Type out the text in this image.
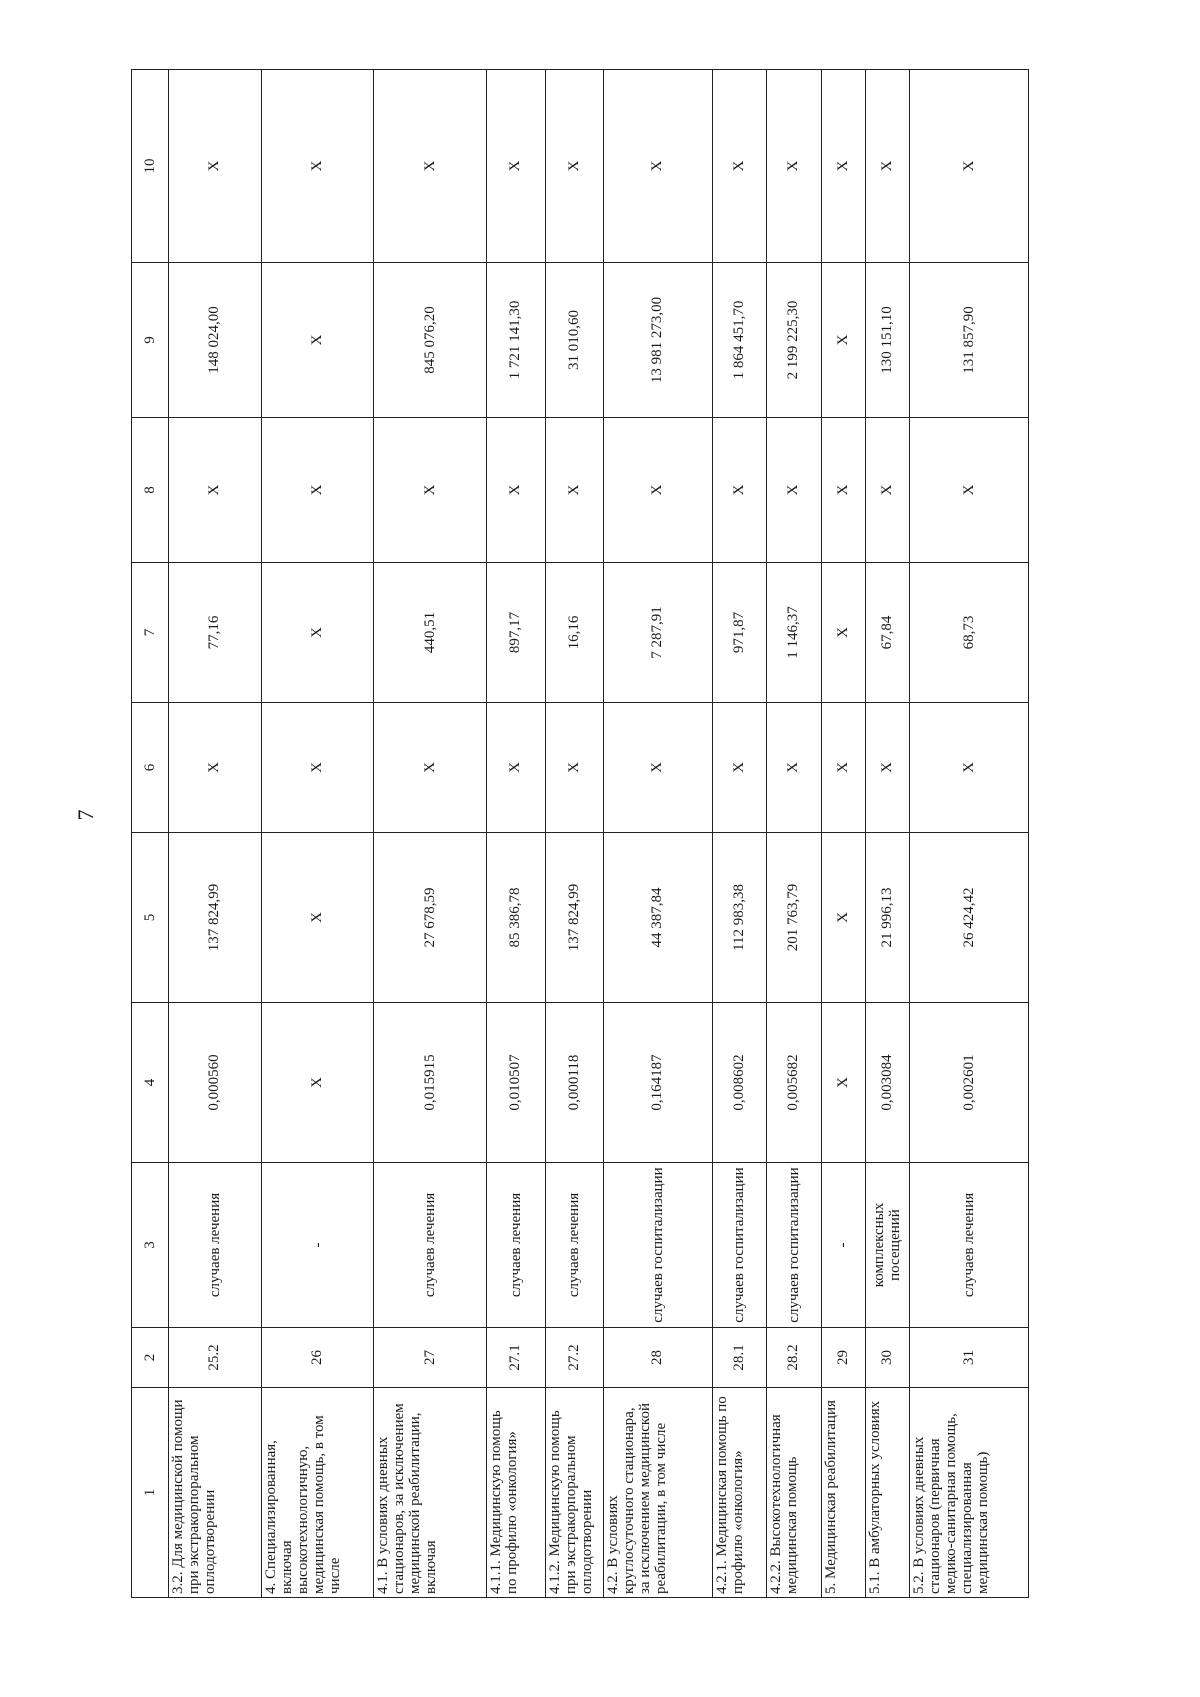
7
1	2	3	4	5	6	7	8	9	10
3.2. Для медицинской помощи при экстракорпоральном оплодотворении	25.2	случаев лечения	0,000560	137 824,99	Х	77,16	Х	148 024,00	Х
4. Специализированная, включая высокотехнологичную, медицинская помощь, в том числе	26	-	Х	Х	Х	Х	Х	Х	Х
4.1. В условиях дневных стационаров, за исключением медицинской реабилитации, включая	27	случаев лечения	0,015915	27 678,59	Х	440,51	Х	845 076,20	Х
4.1.1. Медицинскую помощь по профилю «онкология»	27.1	случаев лечения	0,010507	85 386,78	Х	897,17	Х	1 721 141,30	Х
4.1.2. Медицинскую помощь при экстракорпоральном оплодотворении	27.2	случаев лечения	0,000118	137 824,99	Х	16,16	Х	31 010,60	Х
4.2. В условиях круглосуточного стационара, за исключением медицинской реабилитации, в том числе	28	случаев госпитализации	0,164187	44 387,84	Х	7 287,91	Х	13 981 273,00	Х
4.2.1. Медицинская помощь по профилю «онкология»	28.1	случаев госпитализации	0,008602	112 983,38	Х	971,87	Х	1 864 451,70	Х
4.2.2. Высокотехнологичная медицинская помощь	28.2	случаев госпитализации	0,005682	201 763,79	Х	1 146,37	Х	2 199 225,30	Х
5. Медицинская реабилитация	29	-	Х	Х	Х	Х	Х	Х	Х
5.1. В амбулаторных условиях	30	комплексных посещений	0,003084	21 996,13	Х	67,84	Х	130 151,10	Х
5.2. В условиях дневных стационаров (первичная медико-санитарная помощь, специализированная медицинская помощь)	31	случаев лечения	0,002601	26 424,42	Х	68,73	Х	131 857,90	Х
